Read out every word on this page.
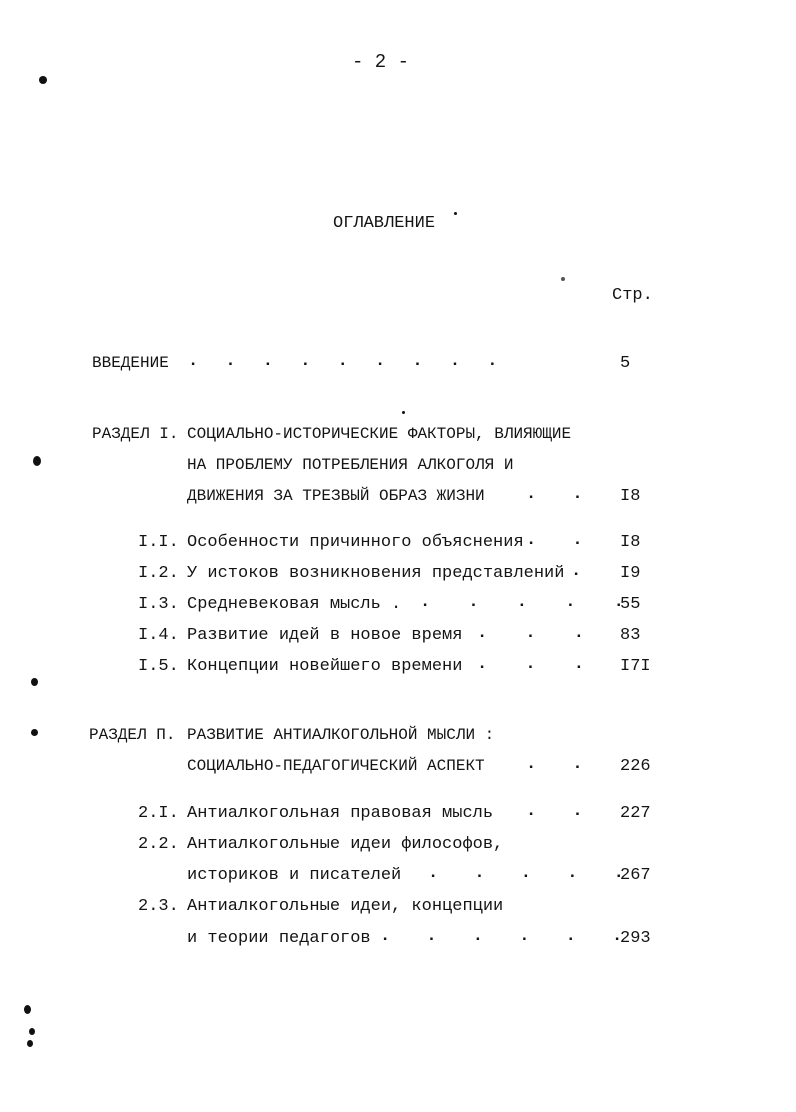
- 2 -
ОГЛАВЛЕНИЕ
Стр.
ВВЕДЕНИЕ . . . . . . . . .	5
РАЗДЕЛ I. СОЦИАЛЬНО-ИСТОРИЧЕСКИЕ ФАКТОРЫ, ВЛИЯЮЩИЕ
НА ПРОБЛЕМУ ПОТРЕБЛЕНИЯ АЛКОГОЛЯ И
ДВИЖЕНИЯ ЗА ТРЕЗВЫЙ ОБРАЗ ЖИЗНИ . . I8
I.I. Особенности причинного объяснения . . I8
I.2. У истоков возникновения представлений . I9
I.3. Средневековая мысль . . . . . .
55
I.4. Развитие идей в новое время . . . 83
I.5. Концепции новейшего времени . . . I7I
РАЗДЕЛ П. РАЗВИТИЕ АНТИАЛКОГОЛЬНОЙ МЫСЛИ :
СОЦИАЛЬНО-ПЕДАГОГИЧЕСКИЙ АСПЕКТ . . 226
2.I. Антиалкогольная правовая мысль . . 227
2.2. Антиалкогольные идеи философов,
историков и писателей . . . . .
267
2.3. Антиалкогольные идеи, концепции
и теории педагогов . . . . . .
293
